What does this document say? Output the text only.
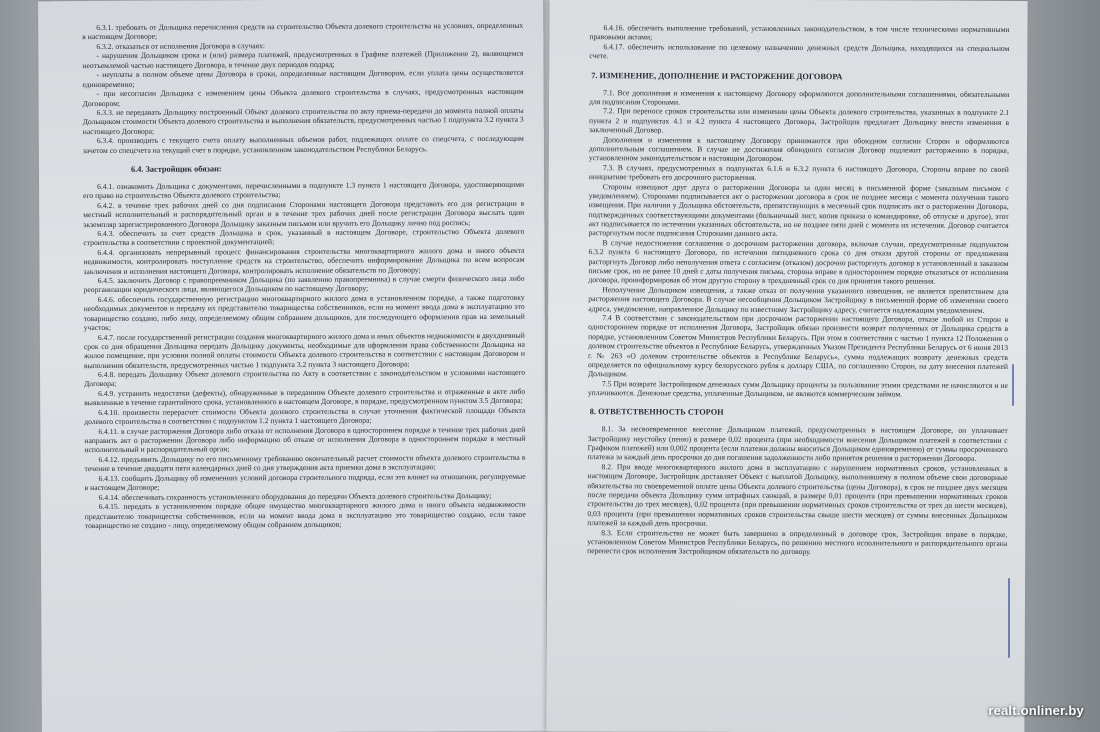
6.3.1. требовать от Дольщика перечисления средств на строительство Объекта долевого строительства на условиях, определенных в настоящем Договоре;
6.3.2. отказаться от исполнения Договора в случаях:
- нарушения Дольщиком срока и (или) размера платежей, предусмотренных в Графике платежей (Приложение 2), являющемся неотъемлемой частью настоящего Договора, в течение двух периодов подряд;
- неуплаты в полном объеме цены Договора в сроки, определенные настоящим Договором, если уплата цены осуществляется единовременно;
- при несогласии Дольщика с изменением цены Объекта долевого строительства в случаях, предусмотренных настоящим Договором;
6.3.3. не передавать Дольщику построенный Объект долевого строительства по акту приема-передачи до момента полной оплаты Дольщиком стоимости Объекта долевого строительства и выполнения обязательств, предусмотренных частью 1 подпункта 3.2 пункта 3 настоящего Договора;
6.3.4. производить с текущего счета оплату выполненных объемов работ, подлежащих оплате со спецсчета, с последующим зачетом со спецсчета на текущий счет в порядке, установленном законодательством Республики Беларусь.
6.4. Застройщик обязан:
6.4.1. ознакомить Дольщика с документами, перечисленными в подпункте 1.3 пункта 1 настоящего Договора, удостоверяющими его право на строительство Объекта долевого строительства;
6.4.2. в течение трех рабочих дней со дня подписания Сторонами настоящего Договора представить его для регистрации в местный исполнительный и распорядительный орган и в течение трех рабочих дней после регистрации Договора выслать один экземпляр зарегистрированного Договора Дольщику заказным письмом или вручить его Дольщику лично под роспись;
6.4.3. обеспечить за счет средств Дольщика в срок, указанный в настоящем Договоре, строительство Объекта долевого строительства в соответствии с проектной документацией;
6.4.4. организовать непрерывный процесс финансирования строительства многоквартирного жилого дома и иного объекта недвижимости, контролировать поступление средств на строительство, обеспечить информирование Дольщика по всем вопросам заключения и исполнения настоящего Договора, контролировать исполнение обязательств по Договору;
6.4.5. заключить Договор с правопреемником Дольщика (по заявлению правопреемника) в случае смерти физического лица либо реорганизации юридического лица, являющегося Дольщиком по настоящему Договору;
6.4.6. обеспечить государственную регистрацию многоквартирного жилого дома в установленном порядке, а также подготовку необходимых документов и передачу их представителю товарищества собственников, если на момент ввода дома в эксплуатацию это товарищество создано, либо лицу, определяемому общим собранием дольщиков, для последующего оформления прав на земельный участок;
6.4.7. после государственной регистрации создания многоквартирного жилого дома и иных объектов недвижимости в двухдневный срок со дня обращения Дольщика передать Дольщику документы, необходимые для оформления права собственности Дольщика на жилое помещение, при условии полной оплаты стоимости Объекта долевого строительства в соответствии с настоящим Договором и выполнения обязательств, предусмотренных частью 1 подпункта 3.2 пункта 3 настоящего Договора;
6.4.8. передать Дольщику Объект долевого строительства по Акту в соответствии с законодательством и условиями настоящего Договора;
6.4.9. устранить недостатки (дефекты), обнаруженные в переданном Объекте долевого строительства и отраженные в акте либо выявленные в течение гарантийного срока, установленного в настоящем Договоре, в порядке, предусмотренном пунктом 3.5 Договора;
6.4.10. произвести перерасчет стоимости Объекта долевого строительства в случае уточнения фактической площади Объекта долевого строительства в соответствии с подпунктом 1.2 пункта 1 настоящего Договора;
6.4.11. в случае расторжения Договора либо отказа от исполнения Договора в одностороннем порядке в течение трех рабочих дней направить акт о расторжении Договора либо информацию об отказе от исполнения Договора в одностороннем порядке в местный исполнительный и распорядительный орган;
6.4.12. предъявить Дольщику по его письменному требованию окончательный расчет стоимости объекта долевого строительства в течение в течение двадцати пяти календарных дней со дня утверждения акта приемки дома в эксплуатацию;
6.4.13. сообщить Дольщику об изменениях условий договора строительного подряда, если это влияет на отношения, регулируемые в настоящем Договоре;
6.4.14. обеспечивать сохранность установленного оборудования до передачи Объекта долевого строительства Дольщику;
6.4.15. передать в установленном порядке общее имущество многоквартирного жилого дома и иного объекта недвижимости представителю товарищества собственников, если на момент ввода дома в эксплуатацию это товарищество создано, если такое товарищество не создано - лицу, определяемому общим собранием дольщиков;
6.4.16. обеспечить выполнение требований, установленных законодательством, в том числе техническими нормативными правовыми актами;
6.4.17. обеспечить использование по целевому назначению денежных средств Дольщика, находящихся на специальном счете.
7. ИЗМЕНЕНИЕ, ДОПОЛНЕНИЕ И РАСТОРЖЕНИЕ ДОГОВОРА
7.1. Все дополнения и изменения к настоящему Договору оформляются дополнительными соглашениями, обязательными для подписания Сторонами.
7.2. При переносе сроков строительства или изменении цены Объекта долевого строительства, указанных в подпункте 2.1 пункта 2 и подпунктах 4.1 и 4.2 пункта 4 настоящего Договора, Застройщик предлагает Дольщику внести изменения в заключенный Договор.
Дополнения и изменения к настоящему Договору принимаются при обоюдном согласии Сторон и оформляются дополнительным соглашением. В случае не достижения обоюдного согласия Договор подлежит расторжению в порядке, установленном законодательством и настоящим Договором.
7.3. В случаях, предусмотренных в подпунктах 6.1.6 и 6.3.2 пункта 6 настоящего Договора, Стороны вправе по своей инициативе требовать его досрочного расторжения.
Стороны извещают друг друга о расторжении Договора за один месяц в письменной форме (заказным письмом с уведомлением). Сторонами подписывается акт о расторжении договора в срок не позднее месяца с момента получения такого извещения. При наличии у Дольщика обстоятельств, препятствующих в месячный срок подписать акт о расторжении Договора, подтвержденных соответствующими документами (больничный лист, копия приказа о командировке, об отпуске и другое), этот акт подписывается по истечении указанных обстоятельств, но не позднее пяти дней с момента их истечения. Договор считается расторгнутым после подписания Сторонами данного акта.
В случае недостижения соглашения о досрочном расторжении договора, включая случаи, предусмотренные подпунктом 6.3.2 пункта 6 настоящего Договора, по истечении пятидневного срока со дня отказа другой стороны от предложения расторгнуть Договор либо неполучения ответа с согласием (отказом) досрочно расторгнуть договор в установленный в заказном письме срок, но не ранее 10 дней с даты получения письма, сторона вправе в одностороннем порядке отказаться от исполнения договора, проинформировав об этом другую сторону в трехдневный срок со дня принятия такого решения.
Неполучение Дольщиком извещения, а также отказ от получения указанного извещения, не является препятствием для расторжения настоящего Договора. В случае несообщения Дольщиком Застройщику в письменной форме об изменении своего адреса, уведомление, направленное Дольщику по известному Застройщику адресу, считается надлежащим уведомлением.
7.4 В соответствии с законодательством при досрочном расторжении настоящего Договора, отказе любой из Сторон в одностороннем порядке от исполнения Договора, Застройщик обязан произвести возврат полученных от Дольщика средств в порядке, установленном Советом Министров Республики Беларусь. При этом в соответствии с частью 1 пункта 12 Положения о долевом строительстве объектов в Республике Беларусь, утвержденных Указом Президента Республики Беларусь от 6 июня 2013 г. № 263 «О долевом строительстве объектов в Республике Беларусь», сумма подлежащих возврату денежных средств определяется по официальному курсу белорусского рубля к доллару США, по соглашению Сторон, на дату внесения платежей Дольщиком.
7.5 При возврате Застройщиком денежных сумм Дольщику проценты за пользование этими средствами не начисляются и не уплачиваются. Денежные средства, уплаченные Дольщиком, не являются коммерческим займом.
8. ОТВЕТСТВЕННОСТЬ СТОРОН
8.1. За несвоевременное внесение Дольщиком платежей, предусмотренных в настоящем Договоре, он уплачивает Застройщику неустойку (пеню) в размере 0,02 процента (при необходимости внесения Дольщиком платежей в соответствии с Графиком платежей) или 0,002 процента (если платежи должны вноситься Дольщиком единовременно) от суммы просроченного платежа за каждый день просрочки до дня погашения задолженности либо принятия решения о расторжении Договора.
8.2. При вводе многоквартирного жилого дома в эксплуатацию с нарушением нормативных сроков, установленных в настоящем Договоре, Застройщик доставляет Объект с выплатой Дольщику, выполнившему в полном объеме свои договорные обязательства по своевременной оплате цены Объекта долевого строительства (цены Договора), в срок не позднее двух месяцев после передачи объекта Дольщику сумм штрафных санкций, в размере 0,01 процента (при превышении нормативных сроков строительства до трех месяцев), 0,02 процента (при превышении нормативных сроков строительства от трех до шести месяцев), 0,03 процента (при превышении нормативных сроков строительства свыше шести месяцев) от суммы внесенных Дольщиком платежей за каждый день просрочки.
8.3. Если строительство не может быть завершено в определенный в договоре срок, Застройщик вправе в порядке, установленном Советом Министров Республики Беларусь, по решению местного исполнительного и распорядительного органа перенести срок исполнения Застройщиком обязательств по договору.
realt.onliner.by
